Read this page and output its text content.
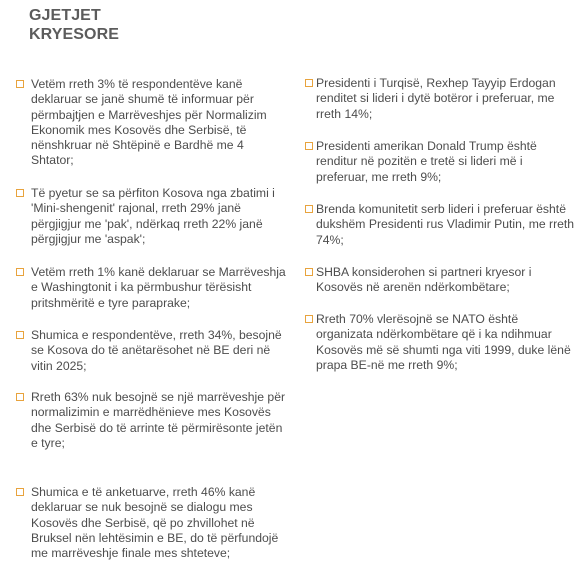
GJETJET
KRYESORE
Vetëm rreth 3% të respondentëve kanë
deklaruar se janë shumë të informuar për
përmbajtjen e Marrëveshjes për Normalizim
Ekonomik mes Kosovës dhe Serbisë, të
nënshkruar në Shtëpinë e Bardhë me 4
Shtator;
Të pyetur se sa përfiton Kosova nga zbatimi i
'Mini-shengenit' rajonal, rreth 29% janë
përgjigjur me 'pak', ndërkaq rreth 22% janë
përgjigjur me 'aspak';
Vetëm rreth 1% kanë deklaruar se Marrëveshja
e Washingtonit i ka përmbushur tërësisht
pritshmëritë e tyre paraprake;
Shumica e respondentëve, rreth 34%, besojnë
se Kosova do të anëtarësohet në BE deri në
vitin 2025;
Rreth 63% nuk besojnë se një marrëveshje për
normalizimin e marrëdhënieve mes Kosovës
dhe Serbisë do të arrinte të përmirësonte jetën
e tyre;
Shumica e të anketuarve, rreth 46% kanë
deklaruar se nuk besojnë se dialogu mes
Kosovës dhe Serbisë, që po zhvillohet në
Bruksel nën lehtësimin e BE, do të përfundojë
me marrëveshje finale mes shteteve;
Presidenti i Turqisë, Rexhep Tayyip Erdogan
renditet si lideri i dytë botëror i preferuar, me
rreth 14%;
Presidenti amerikan Donald Trump është
renditur në pozitën e tretë si lideri më i
preferuar, me rreth 9%;
Brenda komunitetit serb lideri i preferuar është
dukshëm Presidenti rus Vladimir Putin, me rreth
74%;
SHBA konsiderohen si partneri kryesor i
Kosovës në arenën ndërkombëtare;
Rreth 70% vlerësojnë se NATO është
organizata ndërkombëtare që i ka ndihmuar
Kosovës më së shumti nga viti 1999, duke lënë
prapa BE-në me rreth 9%;
